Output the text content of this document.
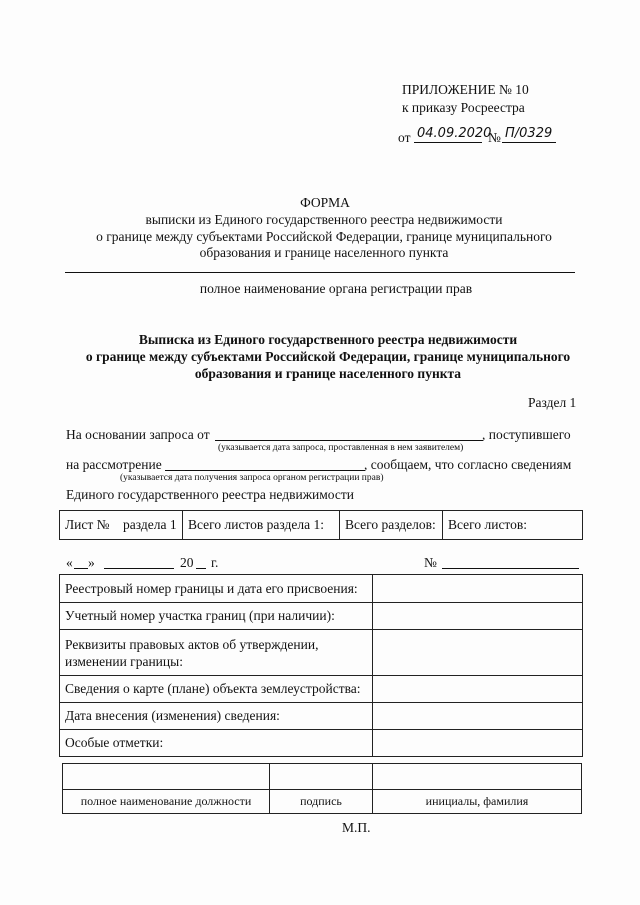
ПРИЛОЖЕНИЕ № 10
к приказу Росреестра
от 04.09.2020
№ П/0329
ФОРМА
выписки из Единого государственного реестра недвижимости
о границе между субъектами Российской Федерации, границе муниципального
образования и границе населенного пункта
полное наименование органа регистрации прав
Выписка из Единого государственного реестра недвижимости
о границе между субъектами Российской Федерации, границе муниципального
образования и границе населенного пункта
Раздел 1
На основании запроса от	, поступившего
(указывается дата запроса, проставленная в нем заявителем)
на рассмотрение	, сообщаем, что согласно сведениям
(указывается дата получения запроса органом регистрации прав)
Единого государственного реестра недвижимости
Лист № раздела 1	Всего листов раздела 1:	Всего разделов:	Всего листов:
« »	20 г.	№
Реестровый номер границы и дата его присвоения:	
Учетный номер участка границ (при наличии):	
Реквизиты правовых актов об утверждении, изменении границы:	
Сведения о карте (плане) объекта землеустройства:	
Дата внесения (изменения) сведения:	
Особые отметки:	

полное наименование должности	подпись	инициалы, фамилия
М.П.
